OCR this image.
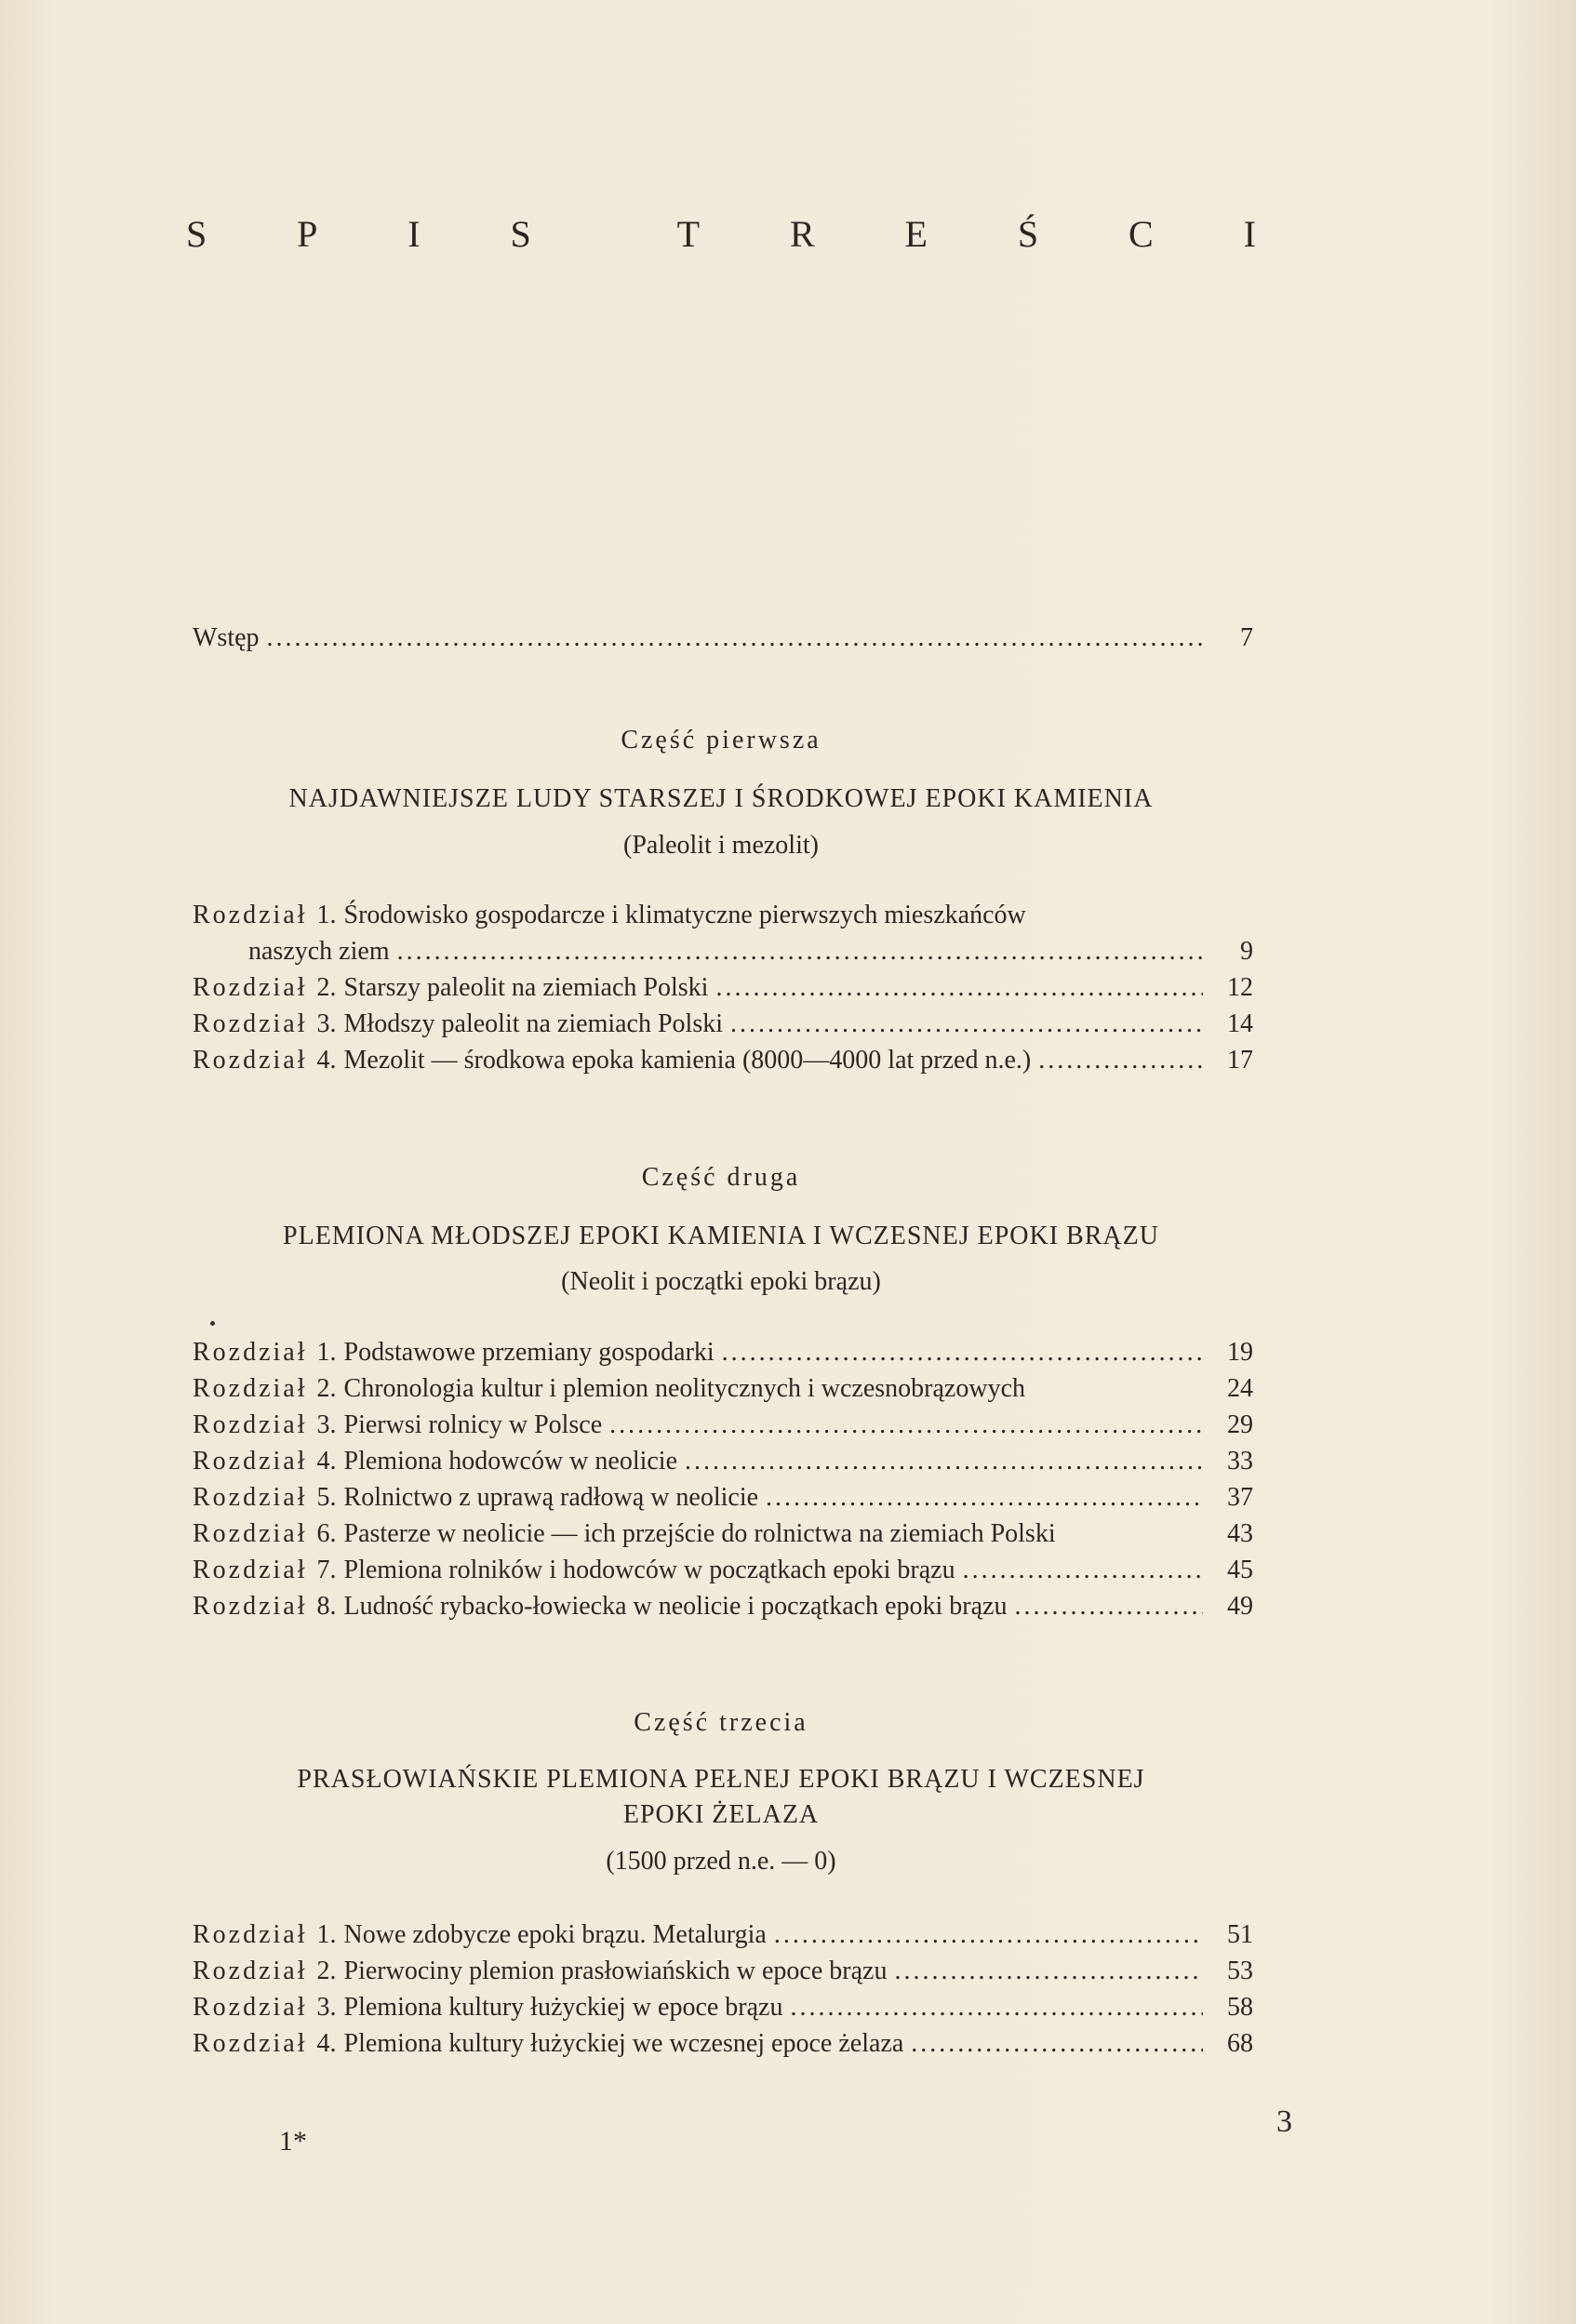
S P I S	T R E Ś C I
Wstęp . . .	7
Część pierwsza
NAJDAWNIEJSZE LUDY STARSZEJ I ŚRODKOWEJ EPOKI KAMIENIA
(Paleolit i mezolit)
Rozdział 1. Środowisko gospodarcze i klimatyczne pierwszych mieszkańców
naszych ziem . . .	9
Rozdział 2. Starszy paleolit na ziemiach Polski . . .	12
Rozdział 3. Młodszy paleolit na ziemiach Polski . . .	14
Rozdział 4. Mezolit — środkowa epoka kamienia (8000—4000 lat przed n.e.) . . .	17
Część druga
PLEMIONA MŁODSZEJ EPOKI KAMIENIA I WCZESNEJ EPOKI BRĄZU
(Neolit i początki epoki brązu)
Rozdział 1. Podstawowe przemiany gospodarki . . .	19
Rozdział 2. Chronologia kultur i plemion neolitycznych i wczesnobrązowych	24
Rozdział 3. Pierwsi rolnicy w Polsce . . .	29
Rozdział 4. Plemiona hodowców w neolicie . . .	33
Rozdział 5. Rolnictwo z uprawą radłową w neolicie . . .	37
Rozdział 6. Pasterze w neolicie — ich przejście do rolnictwa na ziemiach Polski	43
Rozdział 7. Plemiona rolników i hodowców w początkach epoki brązu . . .	45
Rozdział 8. Ludność rybacko-łowiecka w neolicie i początkach epoki brązu . . .	49
Część trzecia
PRASŁOWIAŃSKIE PLEMIONA PEŁNEJ EPOKI BRĄZU I WCZESNEJ
EPOKI ŻELAZA
(1500 przed n.e. — 0)
Rozdział 1. Nowe zdobycze epoki brązu. Metalurgia . . .	51
Rozdział 2. Pierwociny plemion prasłowiańskich w epoce brązu . . .	53
Rozdział 3. Plemiona kultury łużyckiej w epoce brązu . . .	58
Rozdział 4. Plemiona kultury łużyckiej we wczesnej epoce żelaza . . .	68
1*
3
